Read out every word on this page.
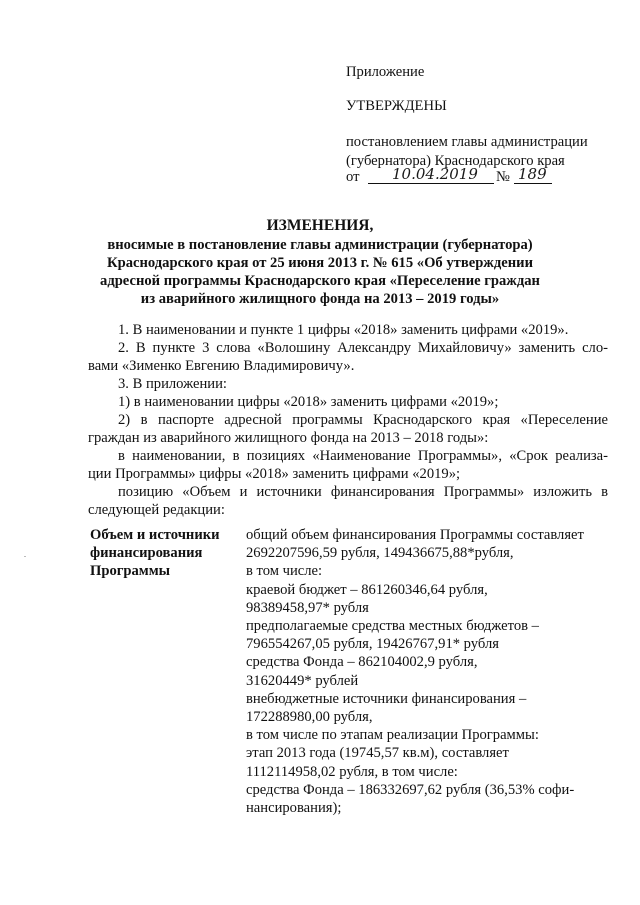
Приложение
УТВЕРЖДЕНЫ
постановлением главы администрации
(губернатора) Краснодарского края
от 10.04.2019 № 189
ИЗМЕНЕНИЯ,
вносимые в постановление главы администрации (губернатора)
Краснодарского края от 25 июня 2013 г. № 615 «Об утверждении
адресной программы Краснодарского края «Переселение граждан
из аварийного жилищного фонда на 2013 – 2019 годы»
1. В наименовании и пункте 1 цифры «2018» заменить цифрами «2019».
2. В пункте 3 слова «Волошину Александру Михайловичу» заменить сло-
вами «Зименко Евгению Владимировичу».
3. В приложении:
1) в наименовании цифры «2018» заменить цифрами «2019»;
2) в паспорте адресной программы Краснодарского края «Переселение
граждан из аварийного жилищного фонда на 2013 – 2018 годы»:
в наименовании, в позициях «Наименование Программы», «Срок реализа-
ции Программы» цифры «2018» заменить цифрами «2019»;
позицию «Объем и источники финансирования Программы» изложить в
следующей редакции:
Объем и источники финансирования Программы
общий объем финансирования Программы составляет
2692207596,59 рубля, 149436675,88*рубля,
в том числе:
краевой бюджет – 861260346,64 рубля,
98389458,97* рубля
предполагаемые средства местных бюджетов –
796554267,05 рубля, 19426767,91* рубля
средства Фонда – 862104002,9 рубля,
31620449* рублей
внебюджетные источники финансирования –
172288980,00 рубля,
в том числе по этапам реализации Программы:
этап 2013 года (19745,57 кв.м), составляет
1112114958,02 рубля, в том числе:
средства Фонда – 186332697,62 рубля (36,53% софи-
нансирования);
